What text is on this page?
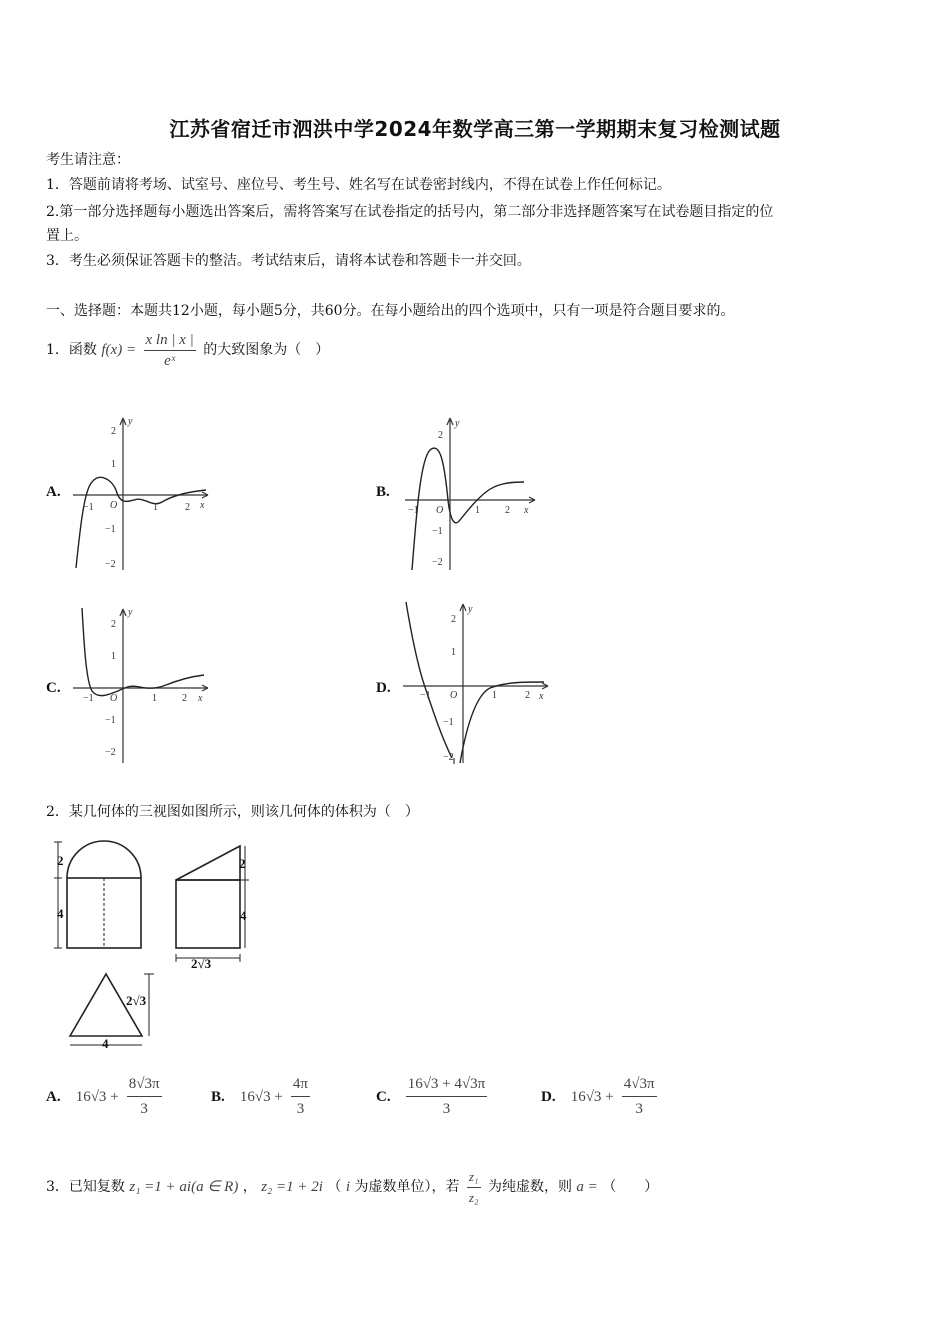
江苏省宿迁市泗洪中学2024年数学高三第一学期期末复习检测试题
考生请注意：
1．答题前请将考场、试室号、座位号、考生号、姓名写在试卷密封线内，不得在试卷上作任何标记。
2.第一部分选择题每小题选出答案后，需将答案写在试卷指定的括号内，第二部分非选择题答案写在试卷题目指定的位
置上。
3．考生必须保证答题卡的整洁。考试结束后，请将本试卷和答题卡一并交回。
一、选择题：本题共12小题，每小题5分，共60分。在每小题给出的四个选项中，只有一项是符合题目要求的。
1．函数 $f(x) = \frac{\text{x ln | x |}}{\text{eˣ}}$ 的大致图象为（　）
A.	B.
C.	D.
y
x
O
2
1
−1
−2
−1	1	2
y
x
O
2
−1
−2
−1	1	2
y
x
O
2
1
−1
−2
−1	1	2
y
x
O
2
1
−1
−2
−1	1	2
2．某几何体的三视图如图所示，则该几何体的体积为（　）
2
4
2
4
2√3
2√3
4
A. $16√3 + \frac{8√3\pi}{3}$	B. $16√3 + \frac{4\pi}{3}$	C. $\frac{16√3 + 4√3\pi}{3}$	D. $16√3 + \frac{4√3\pi}{3}$
3．已知复数 z₁ =1 + ai(a ∈ R) ， z₂ =1 + 2i （ i 为虚数单位），若 $\frac{\text{z₁}}{\text{z₂}}$ 为纯虚数，则 a = （　　）
